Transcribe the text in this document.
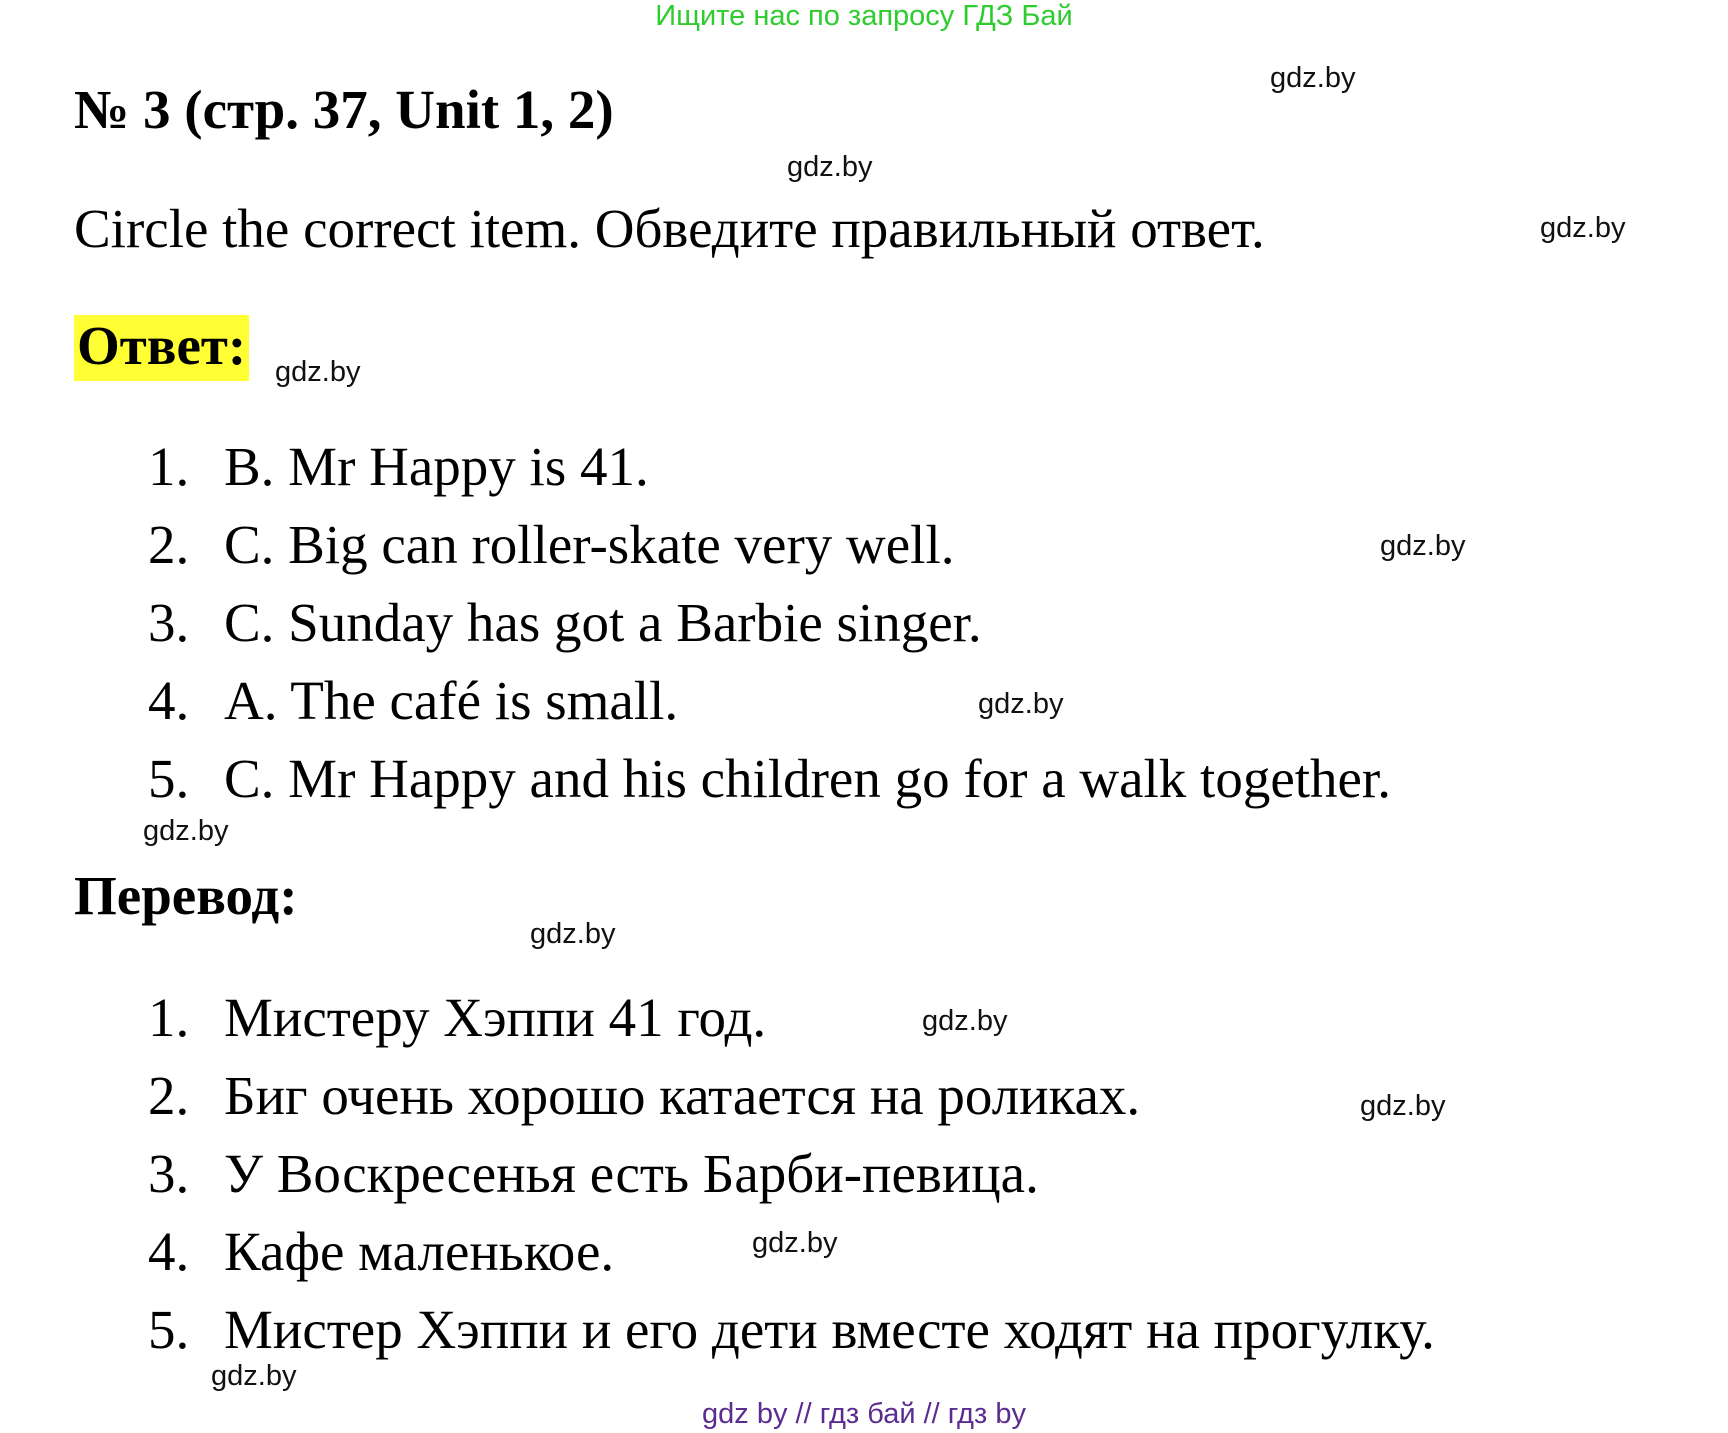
Ищите нас по запросу ГДЗ Бай
№ 3 (стр. 37, Unit 1, 2)
Circle the correct item. Обведите правильный ответ.
Ответ:
1. B. Mr Happy is 41.
2. C. Big can roller-skate very well.
3. C. Sunday has got a Barbie singer.
4. A. The café is small.
5. C. Mr Happy and his children go for a walk together.
Перевод:
1. Мистеру Хэппи 41 год.
2. Биг очень хорошо катается на роликах.
3. У Воскресенья есть Барби-певица.
4. Кафе маленькое.
5. Мистер Хэппи и его дети вместе ходят на прогулку.
gdz.by
gdz.by
gdz.by
gdz.by
gdz.by
gdz.by
gdz.by
gdz.by
gdz.by
gdz.by
gdz.by
gdz.by
gdz by // гдз бай // гдз by
